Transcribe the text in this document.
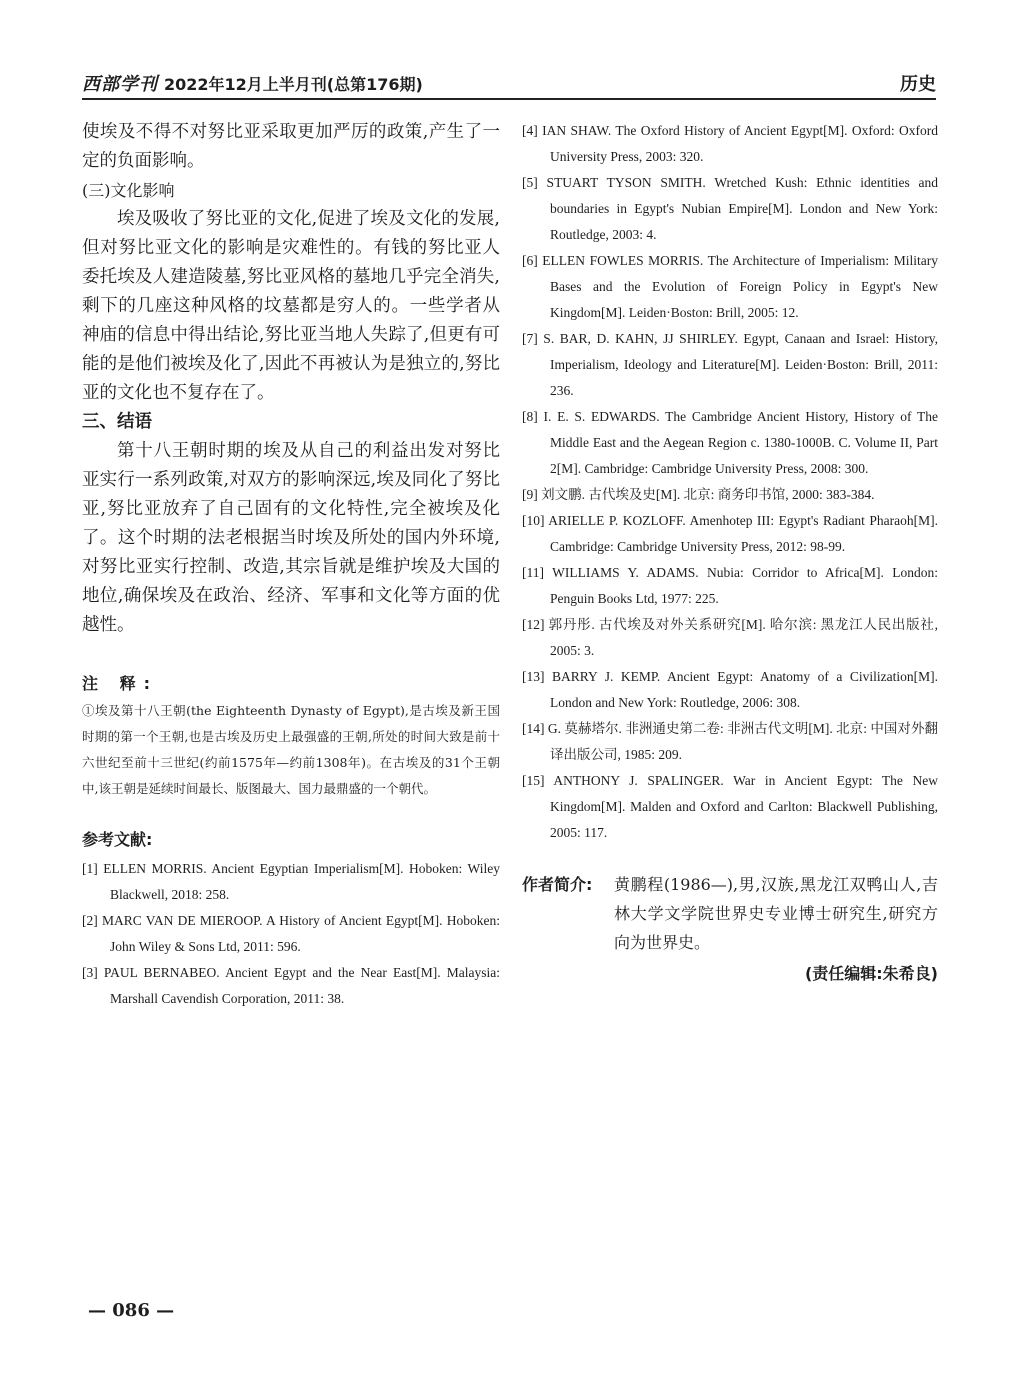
西部学刊 2022年12月上半月刊(总第176期)	历史

使埃及不得不对努比亚采取更加严厉的政策,产生了一定的负面影响。

(三)文化影响

埃及吸收了努比亚的文化,促进了埃及文化的发展,但对努比亚文化的影响是灾难性的。有钱的努比亚人委托埃及人建造陵墓,努比亚风格的墓地几乎完全消失,剩下的几座这种风格的坟墓都是穷人的。一些学者从神庙的信息中得出结论,努比亚当地人失踪了,但更有可能的是他们被埃及化了,因此不再被认为是独立的,努比亚的文化也不复存在了。

三、结语

第十八王朝时期的埃及从自己的利益出发对努比亚实行一系列政策,对双方的影响深远,埃及同化了努比亚,努比亚放弃了自己固有的文化特性,完全被埃及化了。这个时期的法老根据当时埃及所处的国内外环境,对努比亚实行控制、改造,其宗旨就是维护埃及大国的地位,确保埃及在政治、经济、军事和文化等方面的优越性。

注 释:

①埃及第十八王朝(the Eighteenth Dynasty of Egypt),是古埃及新王国时期的第一个王朝,也是古埃及历史上最强盛的王朝,所处的时间大致是前十六世纪至前十三世纪(约前1575年—约前1308年)。在古埃及的31个王朝中,该王朝是延续时间最长、版图最大、国力最鼎盛的一个朝代。

参考文献:

[1] ELLEN MORRIS. Ancient Egyptian Imperialism[M]. Hoboken: Wiley Blackwell, 2018: 258.
[2] MARC VAN DE MIEROOP. A History of Ancient Egypt[M]. Hoboken: John Wiley & Sons Ltd, 2011: 596.
[3] PAUL BERNABEO. Ancient Egypt and the Near East[M]. Malaysia: Marshall Cavendish Corporation, 2011: 38.
[4] IAN SHAW. The Oxford History of Ancient Egypt[M]. Oxford: Oxford University Press, 2003: 320.
[5] STUART TYSON SMITH. Wretched Kush: Ethnic identities and boundaries in Egypt's Nubian Empire[M]. London and New York: Routledge, 2003: 4.
[6] ELLEN FOWLES MORRIS. The Architecture of Imperialism: Military Bases and the Evolution of Foreign Policy in Egypt's New Kingdom[M]. Leiden·Boston: Brill, 2005: 12.
[7] S. BAR, D. KAHN, JJ SHIRLEY. Egypt, Canaan and Israel: History, Imperialism, Ideology and Literature[M]. Leiden·Boston: Brill, 2011: 236.
[8] I. E. S. EDWARDS. The Cambridge Ancient History, History of The Middle East and the Aegean Region c. 1380-1000B. C. Volume II, Part 2[M]. Cambridge: Cambridge University Press, 2008: 300.
[9] 刘文鹏. 古代埃及史[M]. 北京: 商务印书馆, 2000: 383-384.
[10] ARIELLE P. KOZLOFF. Amenhotep III: Egypt's Radiant Pharaoh[M]. Cambridge: Cambridge University Press, 2012: 98-99.
[11] WILLIAMS Y. ADAMS. Nubia: Corridor to Africa[M]. London: Penguin Books Ltd, 1977: 225.
[12] 郭丹彤. 古代埃及对外关系研究[M]. 哈尔滨: 黑龙江人民出版社, 2005: 3.
[13] BARRY J. KEMP. Ancient Egypt: Anatomy of a Civilization[M]. London and New York: Routledge, 2006: 308.
[14] G. 莫赫塔尔. 非洲通史第二卷: 非洲古代文明[M]. 北京: 中国对外翻译出版公司, 1985: 209.
[15] ANTHONY J. SPALINGER. War in Ancient Egypt: The New Kingdom[M]. Malden and Oxford and Carlton: Blackwell Publishing, 2005: 117.
作者简介: 黄鹏程(1986—),男,汉族,黑龙江双鸭山人,吉林大学文学院世界史专业博士研究生,研究方向为世界史。
(责任编辑:朱希良)
— 086 —
